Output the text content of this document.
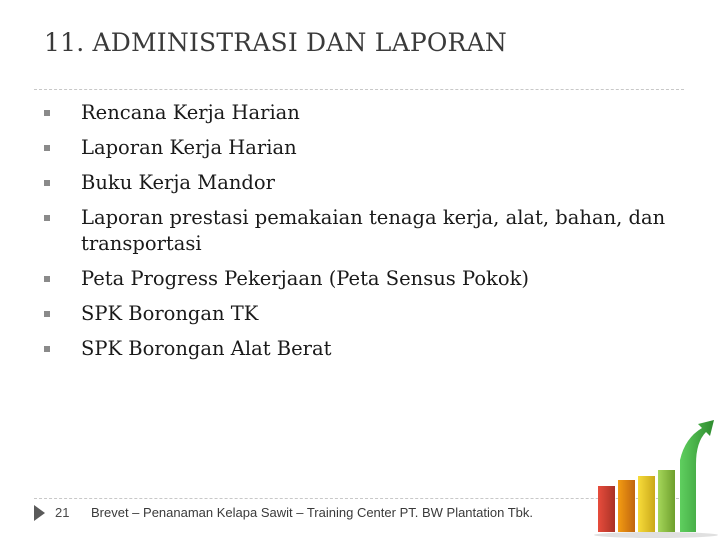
11. ADMINISTRASI DAN LAPORAN
Rencana Kerja Harian
Laporan Kerja Harian
Buku Kerja Mandor
Laporan prestasi pemakaian tenaga kerja, alat, bahan, dan transportasi
Peta Progress Pekerjaan (Peta Sensus Pokok)
SPK Borongan TK
SPK Borongan Alat Berat
21 Brevet – Penanaman Kelapa Sawit – Training Center PT. BW Plantation Tbk.
